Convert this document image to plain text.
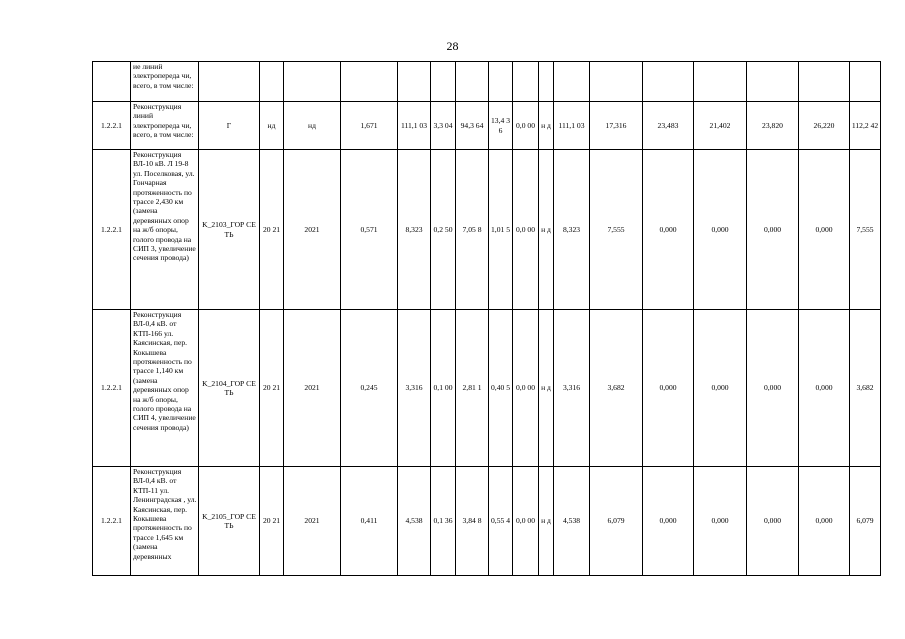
28
	ие линий электропереда чи, всего, в том числе:																	
1.2.2.1	Реконструкция линий электропереда чи, всего, в том числе:	Г	нд	нд	1,671	111,1 03	3,3 04	94,3 64	13,4 36	0,0 00	н д	111,1 03	17,316	23,483	21,402	23,820	26,220	112,2 42
1.2.2.1	Реконструкция ВЛ-10 кВ. Л 19-8 ул. Поселковая, ул. Гончарная протяженность по трассе 2,430 км (замена деревянных опор на ж/б опоры, голого провода на СИП 3, увеличение сечения провода)	K_2103_ГОР СЕТЬ	20 21	2021	0,571	8,323	0,2 50	7,05 8	1,01 5	0,0 00	н д	8,323	7,555	0,000	0,000	0,000	0,000	7,555
1.2.2.1	Реконструкция ВЛ-0,4 кВ. от КТП-166 ул. Каясинская, пер. Кокышева протяженность по трассе 1,140 км (замена деревянных опор на ж/б опоры, голого провода на СИП 4, увеличение сечения провода)	K_2104_ГОР СЕТЬ	20 21	2021	0,245	3,316	0,1 00	2,81 1	0,40 5	0,0 00	н д	3,316	3,682	0,000	0,000	0,000	0,000	3,682
1.2.2.1	Реконструкция ВЛ-0,4 кВ. от КТП-11 ул. Ленинградская , ул. Каясинская, пер. Кокышева протяженность по трассе 1,645 км (замена деревянных	K_2105_ГОР СЕТЬ	20 21	2021	0,411	4,538	0,1 36	3,84 8	0,55 4	0,0 00	н д	4,538	6,079	0,000	0,000	0,000	0,000	6,079
